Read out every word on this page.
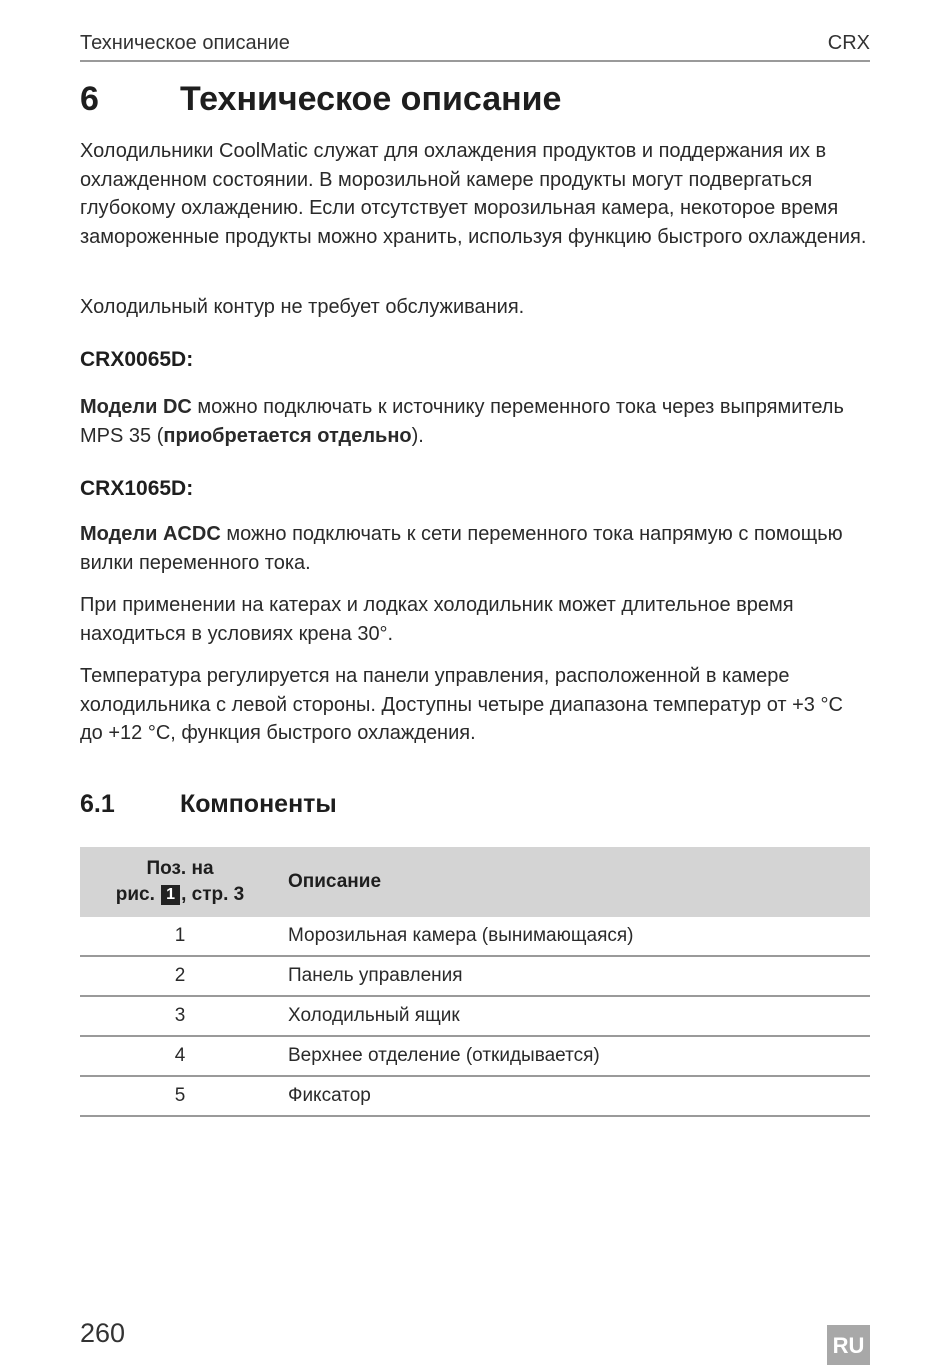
Техническое описание	CRX
6 Техническое описание

Холодильники CoolMatic служат для охлаждения продуктов и поддержания их в охлажденном состоянии. В морозильной камере продукты могут подвергаться глубокому охлаждению. Если отсутствует морозильная камера, некоторое время замороженные продукты можно хранить, используя функцию быстрого охлаждения.

Холодильный контур не требует обслуживания.

CRX0065D:

Модели DC можно подключать к источнику переменного тока через выпрямитель MPS 35 (приобретается отдельно).

CRX1065D:

Модели ACDC можно подключать к сети переменного тока напрямую с помощью вилки переменного тока.

При применении на катерах и лодках холодильник может длительное время находиться в условиях крена 30°.

Температура регулируется на панели управления, расположенной в камере холодильника с левой стороны. Доступны четыре диапазона температур от +3 °C до +12 °C, функция быстрого охлаждения.

6.1	Компоненты
Поз. на
рис. 1 , стр. 3	Описание
1	Морозильная камера (вынимающаяся)
2	Панель управления
3	Холодильный ящик
4	Верхнее отделение (откидывается)
5	Фиксатор
260	RU
